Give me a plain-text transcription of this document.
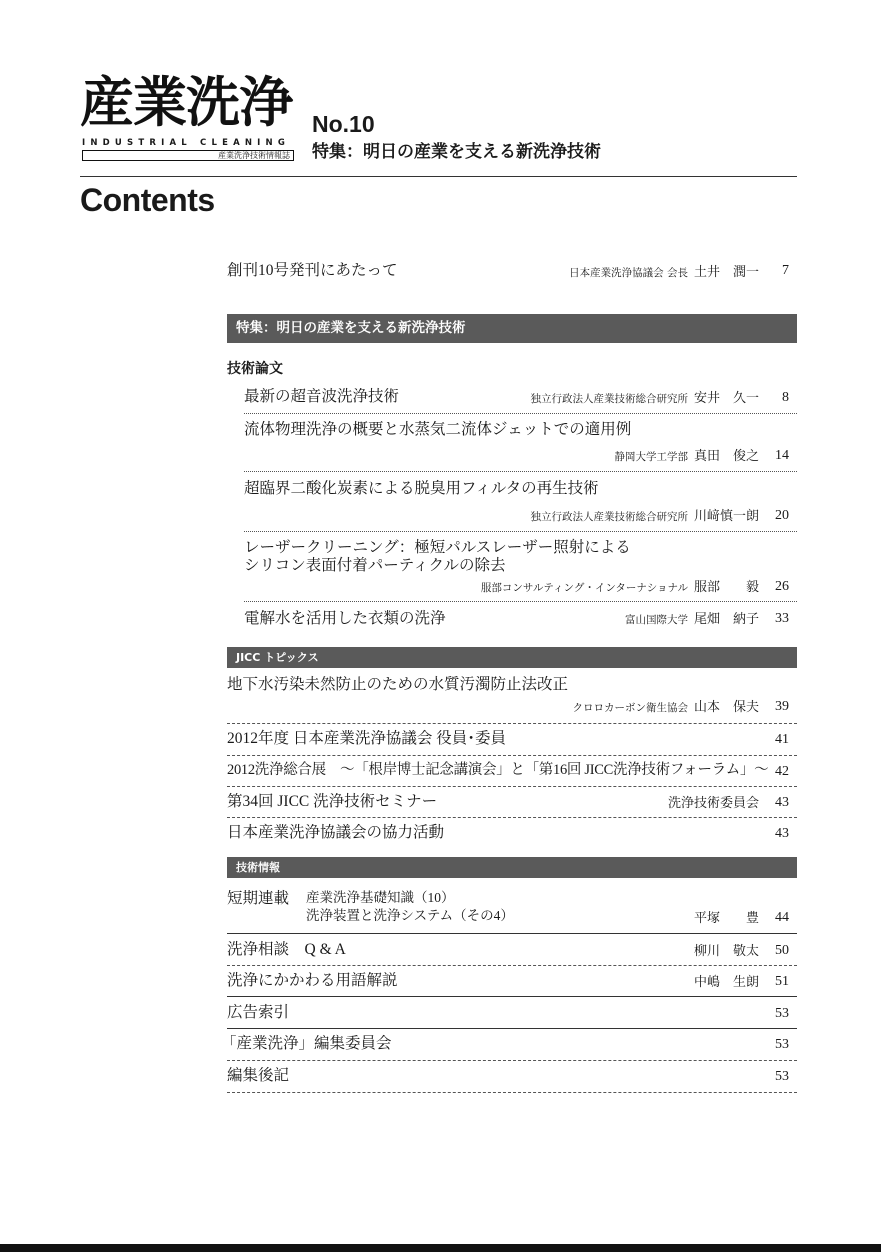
産業洗浄
INDUSTRIAL CLEANING
産業洗浄技術情報誌
No.10
特集：明日の産業を支える新洗浄技術
Contents
創刊10号発刊にあたって	日本産業洗浄協議会 会長 土井　潤一 7
特集：明日の産業を支える新洗浄技術
技術論文
最新の超音波洗浄技術	独立行政法人産業技術総合研究所 安井　久一 8
流体物理洗浄の概要と水蒸気二流体ジェットでの適用例
静岡大学工学部 真田　俊之 14
超臨界二酸化炭素による脱臭用フィルタの再生技術
独立行政法人産業技術総合研究所 川﨑慎一朗 20
レーザークリーニング：極短パルスレーザー照射による
シリコン表面付着パーティクルの除去
服部コンサルティング・インターナショナル 服部　　毅 26
電解水を活用した衣類の洗浄	富山国際大学 尾畑　納子 33
JICC トピックス
地下水汚染未然防止のための水質汚濁防止法改正
クロロカーボン衛生協会 山本　保夫 39
2012年度 日本産業洗浄協議会 役員･委員	41
2012洗浄総合展　～「根岸博士記念講演会」と「第16回 JICC洗浄技術フォーラム」～ 42
第34回 JICC 洗浄技術セミナー	洗浄技術委員会 43
日本産業洗浄協議会の協力活動	43
技術情報
短期連載 産業洗浄基礎知識（10）
洗浄装置と洗浄システム（その4）	平塚　　豊 44
洗浄相談　Q & A	柳川　敬太 50
洗浄にかかわる用語解説	中嶋　生朗 51
広告索引	53
「産業洗浄」編集委員会	53
編集後記	53
